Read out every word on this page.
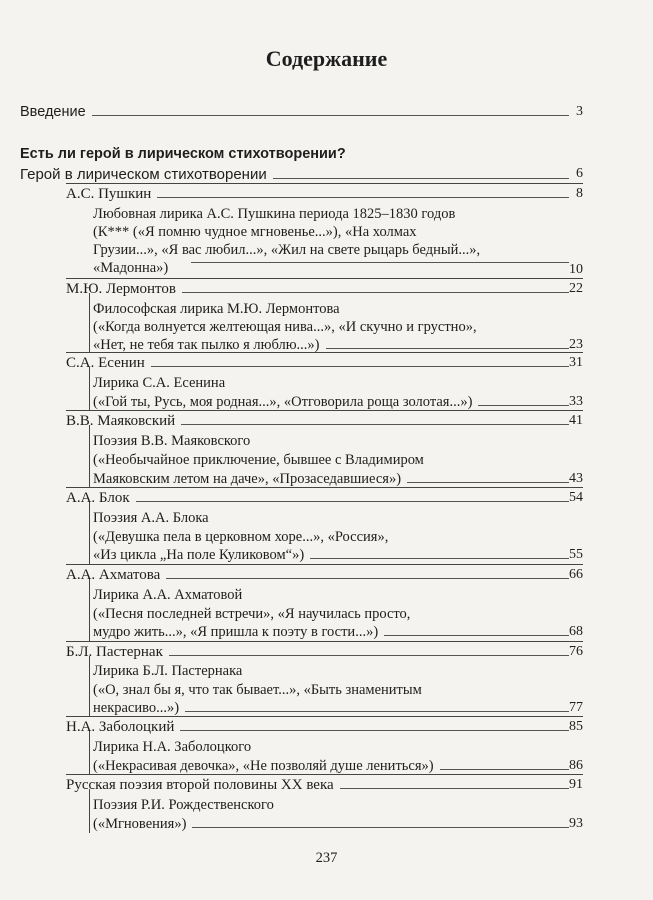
Содержание
Введение	3
Есть ли герой в лирическом стихотворении?
Герой в лирическом стихотворении	6
А.С. Пушкин	8
Любовная лирика А.С. Пушкина периода 1825–1830 годов
(К*** («Я помню чудное мгновенье...»), «На холмах
Грузии...», «Я вас любил...», «Жил на свете рыцарь бедный...»,
«Мадонна»)	10
М.Ю. Лермонтов	22
Философская лирика М.Ю. Лермонтова
(«Когда волнуется желтеющая нива...», «И скучно и грустно»,
«Нет, не тебя так пылко я люблю...»)	23
С.А. Есенин	31
Лирика С.А. Есенина
(«Гой ты, Русь, моя родная...», «Отговорила роща золотая...»)	33
В.В. Маяковский	41
Поэзия В.В. Маяковского
(«Необычайное приключение, бывшее с Владимиром
Маяковским летом на даче», «Прозаседавшиеся»)	43
А.А. Блок	54
Поэзия А.А. Блока
(«Девушка пела в церковном хоре...», «Россия»,
«Из цикла „На поле Куликовом“»)	55
А.А. Ахматова	66
Лирика А.А. Ахматовой
(«Песня последней встречи», «Я научилась просто,
мудро жить...», «Я пришла к поэту в гости...»)	68
Б.Л. Пастернак	76
Лирика Б.Л. Пастернака
(«О, знал бы я, что так бывает...», «Быть знаменитым
некрасиво...»)	77
Н.А. Заболоцкий	85
Лирика Н.А. Заболоцкого
(«Некрасивая девочка», «Не позволяй душе лениться»)	86
Русская поэзия второй половины XX века	91
Поэзия Р.И. Рождественского
(«Мгновения»)	93
237
